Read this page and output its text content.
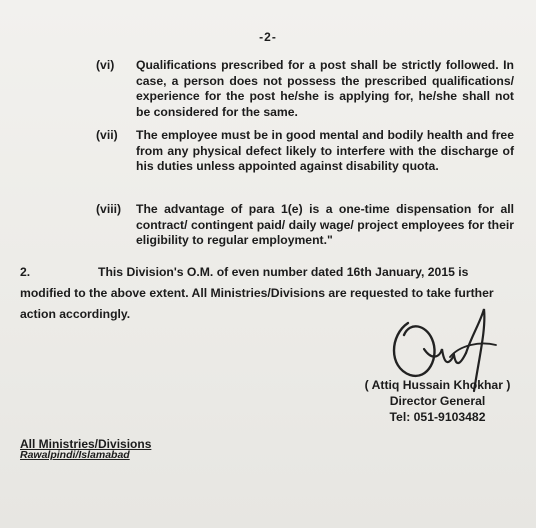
-2-
(vi) Qualifications prescribed for a post shall be strictly followed. In case, a person does not possess the prescribed qualifications/ experience for the post he/she is applying for, he/she shall not be considered for the same.
(vii) The employee must be in good mental and bodily health and free from any physical defect likely to interfere with the discharge of his duties unless appointed against disability quota.
(viii) The advantage of para 1(e) is a one-time dispensation for all contract/ contingent paid/ daily wage/ project employees for their eligibility to regular employment."
2.	This Division's O.M. of even number dated 16th January, 2015 is
modified to the above extent. All Ministries/Divisions are requested to take further
action accordingly.
( Attiq Hussain Khokhar )
Director General
Tel: 051-9103482
All Ministries/Divisions
Rawalpindi/Islamabad
